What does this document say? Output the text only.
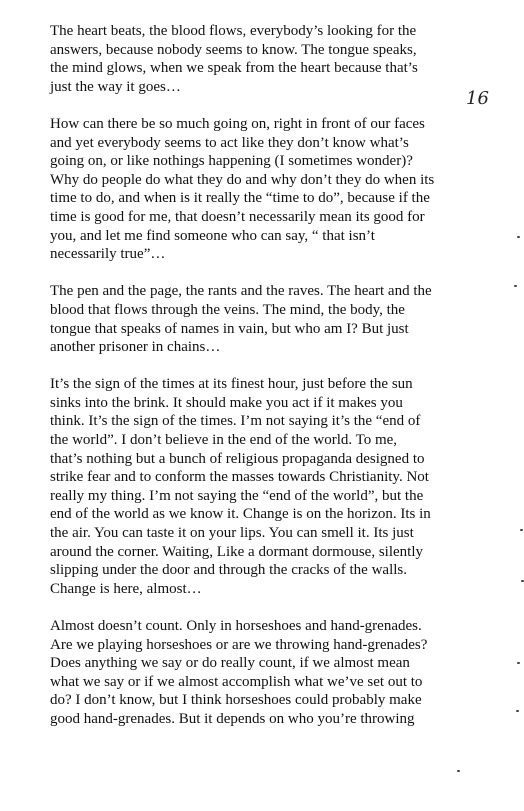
The heart beats, the blood flows, everybody’s looking for the
answers, because nobody seems to know. The tongue speaks,
the mind glows, when we speak from the heart because that’s
just the way it goes…

How can there be so much going on, right in front of our faces
and yet everybody seems to act like they don’t know what’s
going on, or like nothings happening (I sometimes wonder)?
Why do people do what they do and why don’t they do when its
time to do, and when is it really the “time to do”, because if the
time is good for me, that doesn’t necessarily mean its good for
you, and let me find someone who can say, “ that isn’t
necessarily true”…

The pen and the page, the rants and the raves. The heart and the
blood that flows through the veins. The mind, the body, the
tongue that speaks of names in vain, but who am I? But just
another prisoner in chains…

It’s the sign of the times at its finest hour, just before the sun
sinks into the brink. It should make you act if it makes you
think. It’s the sign of the times. I’m not saying it’s the “end of
the world”. I don’t believe in the end of the world. To me,
that’s nothing but a bunch of religious propaganda designed to
strike fear and to conform the masses towards Christianity. Not
really my thing. I’m not saying the “end of the world”, but the
end of the world as we know it. Change is on the horizon. Its in
the air. You can taste it on your lips. You can smell it. Its just
around the corner. Waiting, Like a dormant dormouse, silently
slipping under the door and through the cracks of the walls.
Change is here, almost…

Almost doesn’t count. Only in horseshoes and hand-grenades.
Are we playing horseshoes or are we throwing hand-grenades?
Does anything we say or do really count, if we almost mean
what we say or if we almost accomplish what we’ve set out to
do? I don’t know, but I think horseshoes could probably make
good hand-grenades. But it depends on who you’re throwing

16
